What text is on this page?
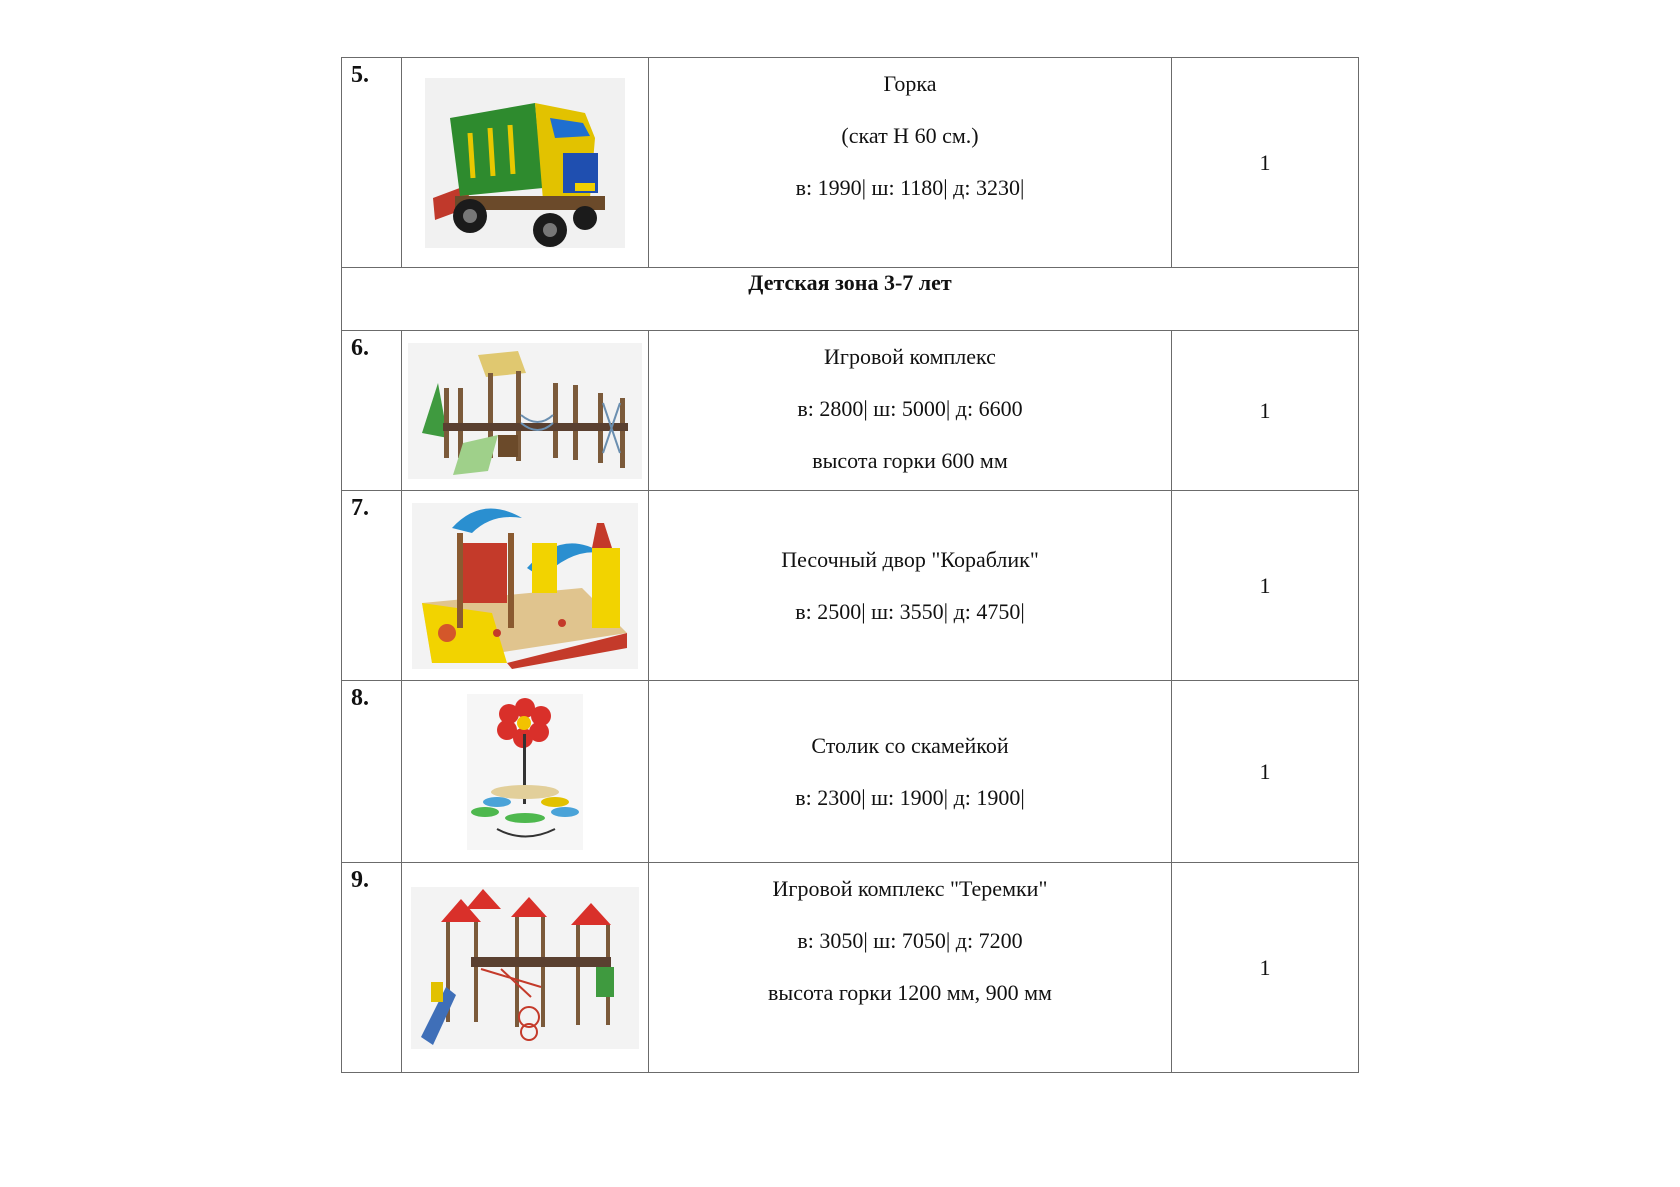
5.		Горка
(скат Н 60 см.)
в: 1990| ш: 1180| д: 3230|	1
Детская зона 3-7 лет			
6.		Игровой комплекс
в: 2800| ш: 5000| д: 6600
высота горки 600 мм	1
7.		Песочный двор "Кораблик"
в: 2500| ш: 3550| д: 4750|	1
8.		Столик со скамейкой
в: 2300| ш: 1900| д: 1900|	1
9.		Игровой комплекс "Теремки"
в: 3050| ш: 7050| д: 7200
высота горки 1200 мм, 900 мм	1
